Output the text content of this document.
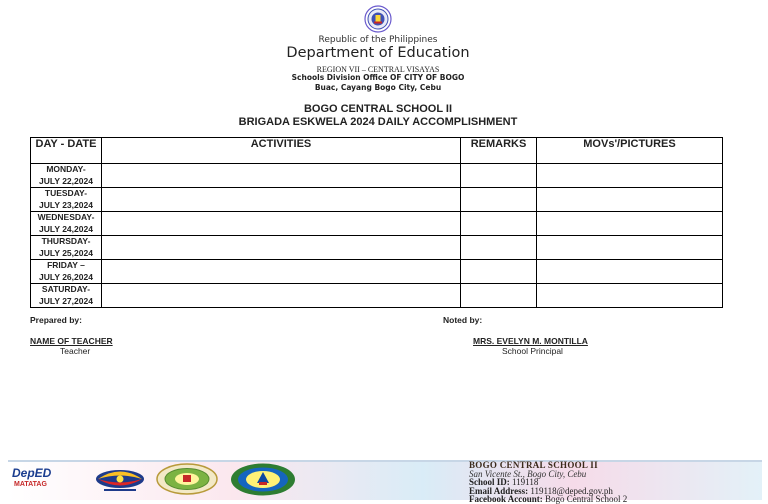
Republic of the Philippines
Department of Education
REGION VII – CENTRAL VISAYAS
Schools Division Office OF CITY OF BOGO
Buac, Cayang Bogo City, Cebu
BOGO CENTRAL SCHOOL II
BRIGADA ESKWELA 2024 DAILY ACCOMPLISHMENT
DAY - DATE	ACTIVITIES	REMARKS	MOVs'/PICTURES

MONDAY-
JULY 22,2024			

TUESDAY-
JULY 23,2024			

WEDNESDAY-
JULY 24,2024			

THURSDAY-
JULY 25,2024			

FRIDAY –
JULY 26,2024			

SATURDAY-
JULY 27,2024			

Prepared by:	Noted by:
NAME OF TEACHER
Teacher
MRS. EVELYN M. MONTILLA
School Principal
DepED
MATATAG
BOGO CENTRAL SCHOOL II
San Vicente St., Bogo City, Cebu
School ID: 119118
Email Address: 119118@deped.gov.ph
Facebook Account: Bogo Central School 2
